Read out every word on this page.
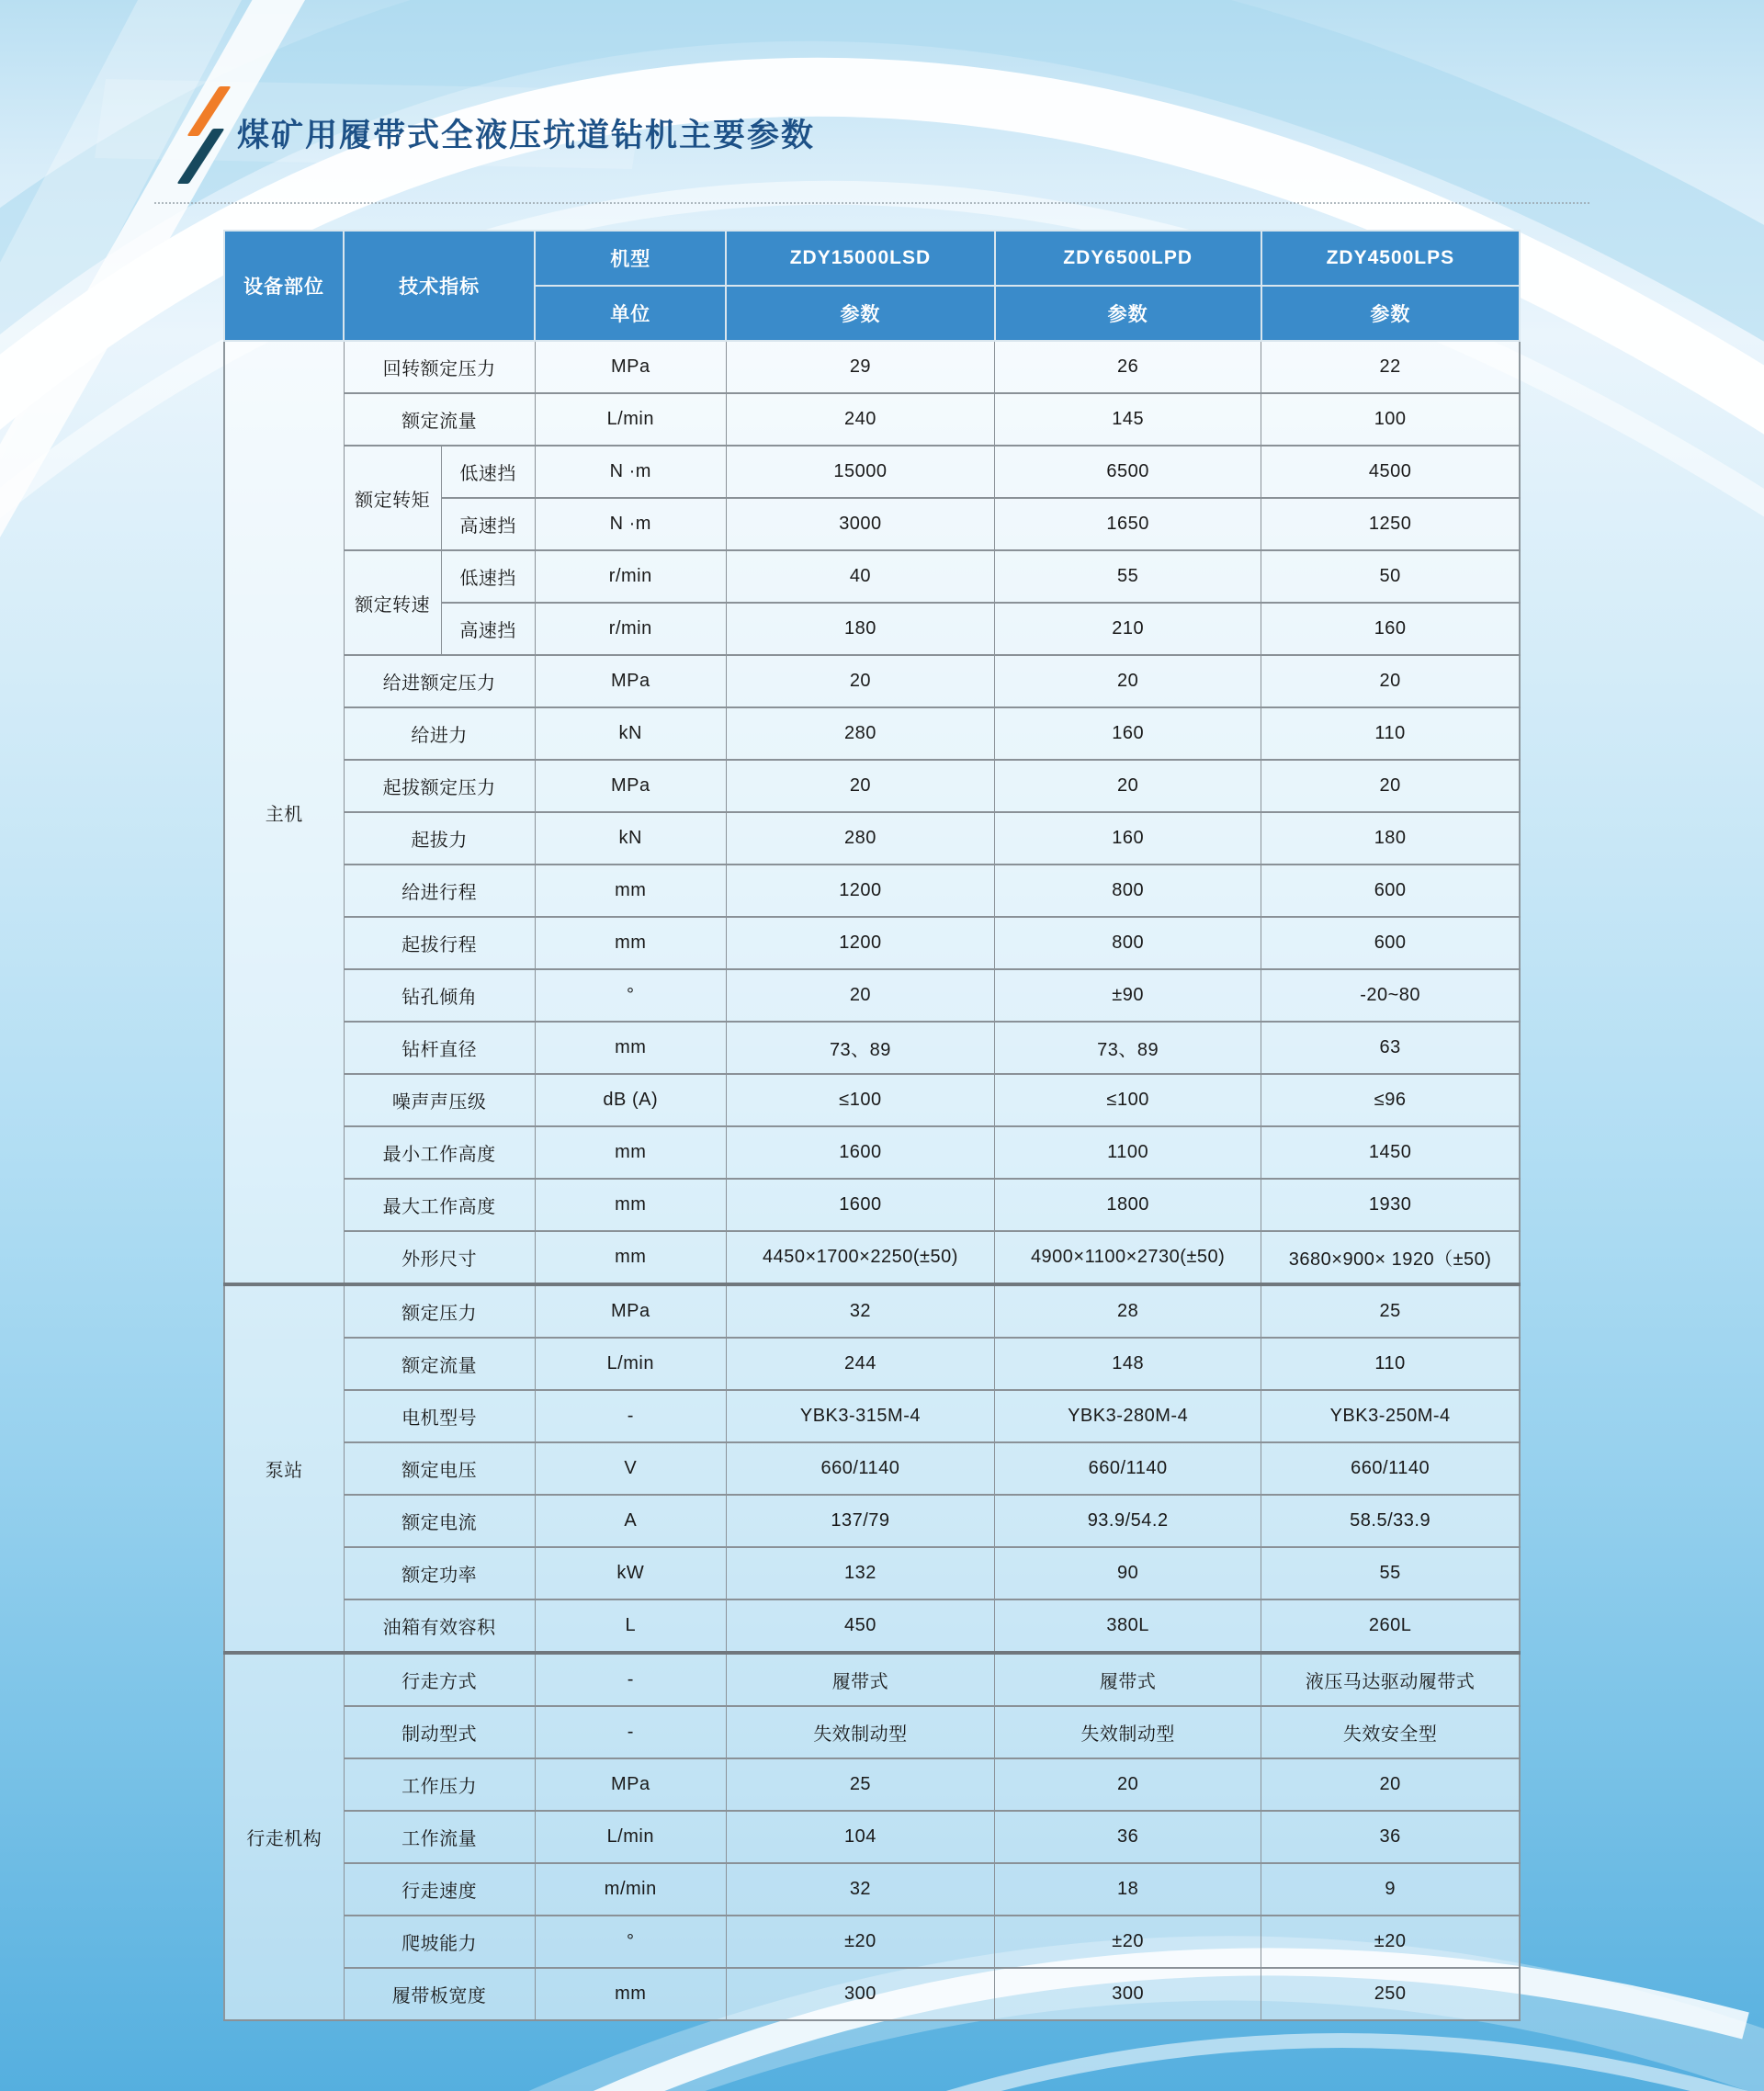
煤矿用履带式全液压坑道钻机主要参数
设备部位	技术指标		机型	ZDY15000LSD	ZDY6500LPD	ZDY4500LPS
			单位	参数	参数	参数
主机	回转额定压力		MPa	29	26	22
	额定流量		L/min	240	145	100
	额定转矩	低速挡	N ·m	15000	6500	4500
		高速挡	N ·m	3000	1650	1250
	额定转速	低速挡	r/min	40	55	50
		高速挡	r/min	180	210	160
	给进额定压力		MPa	20	20	20
	给进力		kN	280	160	110
	起拔额定压力		MPa	20	20	20
	起拔力		kN	280	160	180
	给进行程		mm	1200	800	600
	起拔行程		mm	1200	800	600
	钻孔倾角		°	20	±90	-20~80
	钻杆直径		mm	73、89	73、89	63
	噪声声压级		dB (A)	≤100	≤100	≤96
	最小工作高度		mm	1600	1100	1450
	最大工作高度		mm	1600	1800	1930
	外形尺寸		mm	4450×1700×2250(±50)	4900×1100×2730(±50)	3680×900× 1920（±50)
泵站	额定压力		MPa	32	28	25
	额定流量		L/min	244	148	110
	电机型号		-	YBK3-315M-4	YBK3-280M-4	YBK3-250M-4
	额定电压		V	660/1140	660/1140	660/1140
	额定电流		A	137/79	93.9/54.2	58.5/33.9
	额定功率		kW	132	90	55
	油箱有效容积		L	450	380L	260L
行走机构	行走方式		-	履带式	履带式	液压马达驱动履带式
	制动型式		-	失效制动型	失效制动型	失效安全型
	工作压力		MPa	25	20	20
	工作流量		L/min	104	36	36
	行走速度		m/min	32	18	9
	爬坡能力		°	±20	±20	±20
	履带板宽度		mm	300	300	250
